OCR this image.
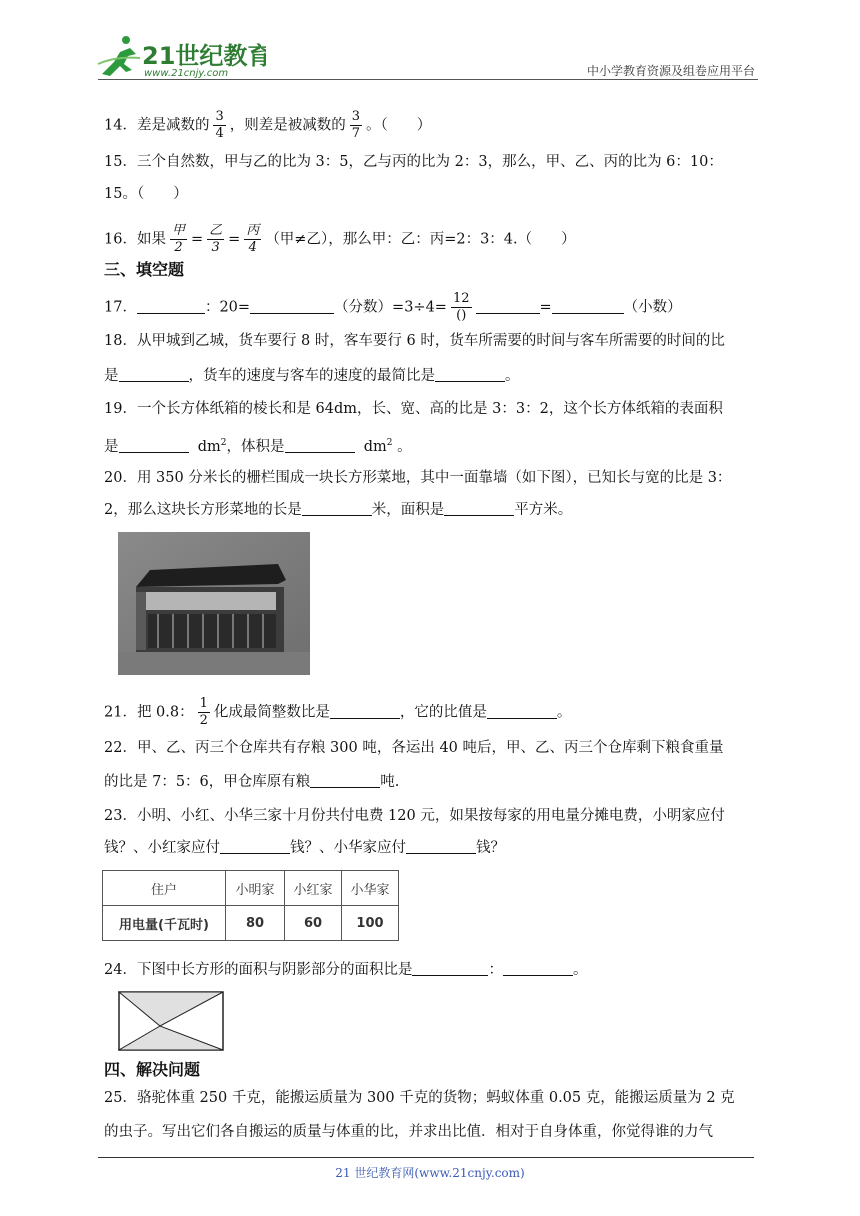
21世纪教育
www.21cnjy.com	中小学教育资源及组卷应用平台
14．差是减数的 $\frac{3}{4}$ ，则差是被减数的 $\frac{3}{7}$ 。（　　）
15．三个自然数，甲与乙的比为 3：5，乙与丙的比为 2：3，那么，甲、乙、丙的比为 6：10：
15。（　　）
16．如果 $\frac{\text{甲}}{2} = \frac{\text{乙}}{3} = \frac{\text{丙}}{4}$ （甲≠乙），那么甲：乙：丙=2：3：4.（　　）
三、填空题
17．	：20=	（分数）$=3\div 4= \frac{12}{()}$	=	（小数）
18．从甲城到乙城，货车要行 8 时，客车要行 6 时，货车所需要的时间与客车所需要的时间的比
是	，货车的速度与客车的速度的最简比是	。
19．一个长方体纸箱的棱长和是 64dm，长、宽、高的比是 3：3：2，这个长方体纸箱的表面积
是	$dm^2$，体积是	$dm^2$ 。
20．用 350 分米长的栅栏围成一块长方形菜地，其中一面靠墙（如下图），已知长与宽的比是 3：
2，那么这块长方形菜地的长是	米，面积是	平方米。
21．把 0.8： $\frac{1}{2}$ 化成最简整数比是	，它的比值是	。
22．甲、乙、丙三个仓库共有存粮 300 吨，各运出 40 吨后，甲、乙、丙三个仓库剩下粮食重量
的比是 7：5：6，甲仓库原有粮	吨.
23．小明、小红、小华三家十月份共付电费 120 元，如果按每家的用电量分摊电费，小明家应付
钱？、小红家应付	钱？、小华家应付	钱？
住户	小明家	小红家	小华家
用电量(千瓦时)	80	60	100
24．下图中长方形的面积与阴影部分的面积比是	：	。
四、解决问题
25．骆驼体重 250 千克，能搬运质量为 300 千克的货物；蚂蚁体重 0.05 克，能搬运质量为 2 克
的虫子。写出它们各自搬运的质量与体重的比，并求出比值．相对于自身体重，你觉得谁的力气
21 世纪教育网(www.21cnjy.com)
